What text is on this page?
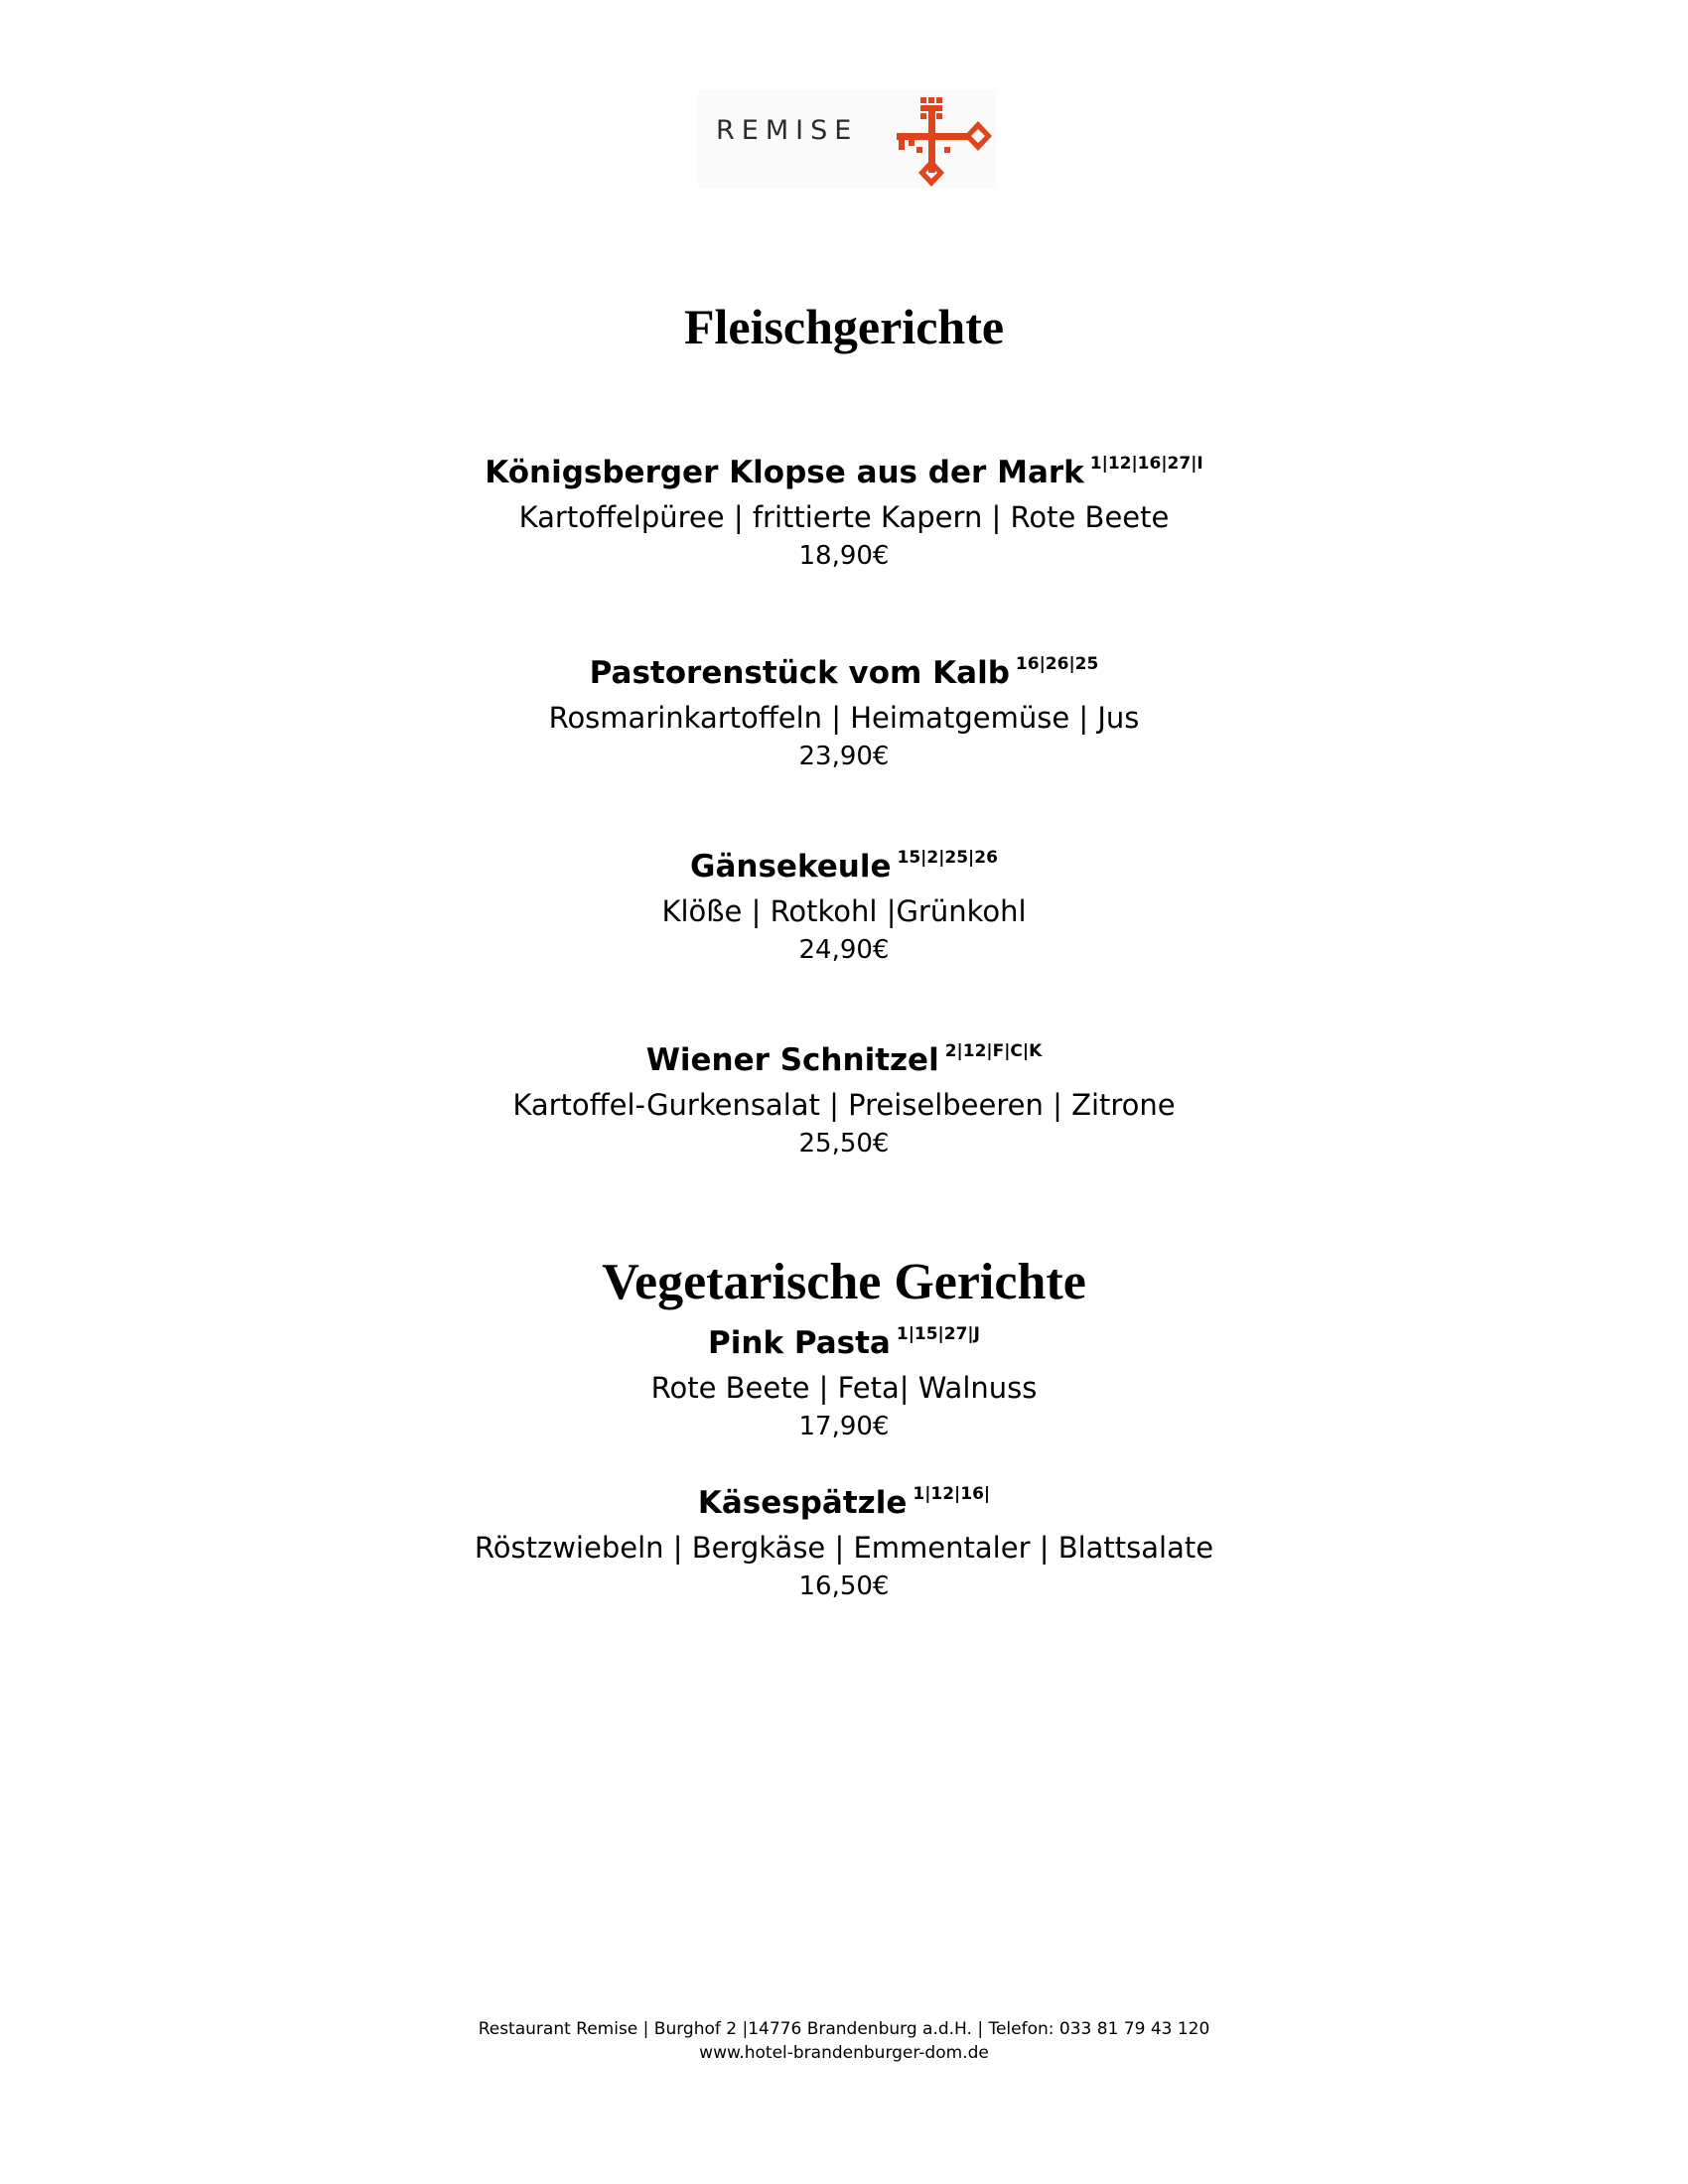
REMISE
Fleischgerichte
Königsberger Klopse aus der Mark $^{1|12|16|27|I}$
Kartoffelpüree | frittierte Kapern | Rote Beete
18,90€
Pastorenstück vom Kalb $^{16|26|25}$
Rosmarinkartoffeln | Heimatgemüse | Jus
23,90€
Gänsekeule $^{15|2|25|26}$
Klöße | Rotkohl |Grünkohl
24,90€
Wiener Schnitzel $^{2|12|F|C|K}$
Kartoffel-Gurkensalat | Preiselbeeren | Zitrone
25,50€
Vegetarische Gerichte
Pink Pasta $^{1|15|27|J}$
Rote Beete | Feta| Walnuss
17,90€
Käsespätzle $^{1|12|16|}$
Röstzwiebeln | Bergkäse | Emmentaler | Blattsalate
16,50€
Restaurant Remise | Burghof 2 |14776 Brandenburg a.d.H. | Telefon: 033 81 79 43 120
www.hotel-brandenburger-dom.de
